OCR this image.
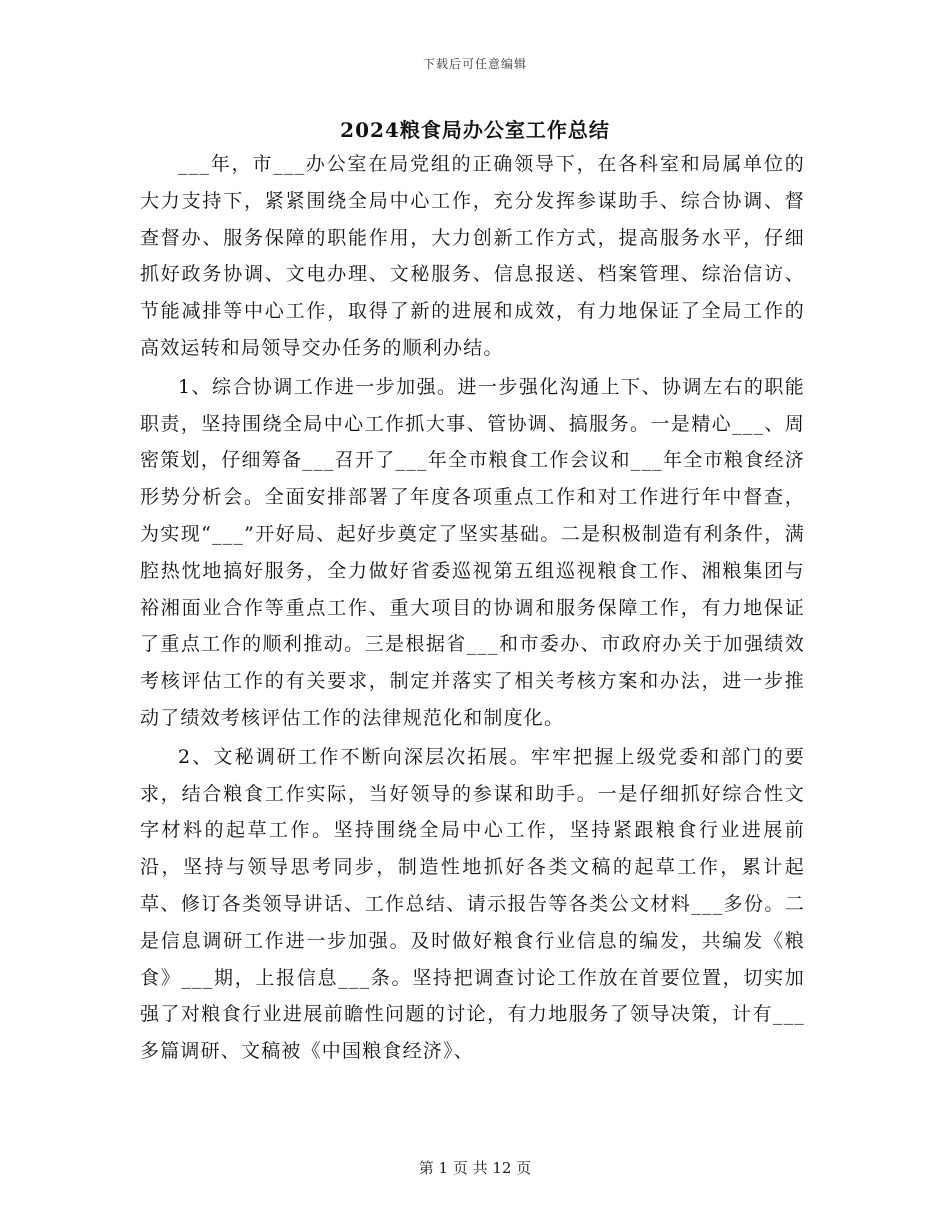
下载后可任意编辑
2024粮食局办公室工作总结

___年，市___办公室在局党组的正确领导下，在各科室和局属单位的大力支持下，紧紧围绕全局中心工作，充分发挥参谋助手、综合协调、督查督办、服务保障的职能作用，大力创新工作方式，提高服务水平，仔细抓好政务协调、文电办理、文秘服务、信息报送、档案管理、综治信访、节能减排等中心工作，取得了新的进展和成效，有力地保证了全局工作的高效运转和局领导交办任务的顺利办结。

1、综合协调工作进一步加强。进一步强化沟通上下、协调左右的职能职责，坚持围绕全局中心工作抓大事、管协调、搞服务。一是精心___、周密策划，仔细筹备___召开了___年全市粮食工作会议和___年全市粮食经济形势分析会。全面安排部署了年度各项重点工作和对工作进行年中督查，为实现“___”开好局、起好步奠定了坚实基础。二是积极制造有利条件，满腔热忱地搞好服务，全力做好省委巡视第五组巡视粮食工作、湘粮集团与裕湘面业合作等重点工作、重大项目的协调和服务保障工作，有力地保证了重点工作的顺利推动。三是根据省___和市委办、市政府办关于加强绩效考核评估工作的有关要求，制定并落实了相关考核方案和办法，进一步推动了绩效考核评估工作的法律规范化和制度化。

2、文秘调研工作不断向深层次拓展。牢牢把握上级党委和部门的要求，结合粮食工作实际，当好领导的参谋和助手。一是仔细抓好综合性文字材料的起草工作。坚持围绕全局中心工作，坚持紧跟粮食行业进展前沿，坚持与领导思考同步，制造性地抓好各类文稿的起草工作，累计起草、修订各类领导讲话、工作总结、请示报告等各类公文材料___多份。二是信息调研工作进一步加强。及时做好粮食行业信息的编发，共编发《粮食》___期，上报信息___条。坚持把调查讨论工作放在首要位置，切实加强了对粮食行业进展前瞻性问题的讨论，有力地服务了领导决策，计有___多篇调研、文稿被《中国粮食经济》、

第 1 页 共 12 页
